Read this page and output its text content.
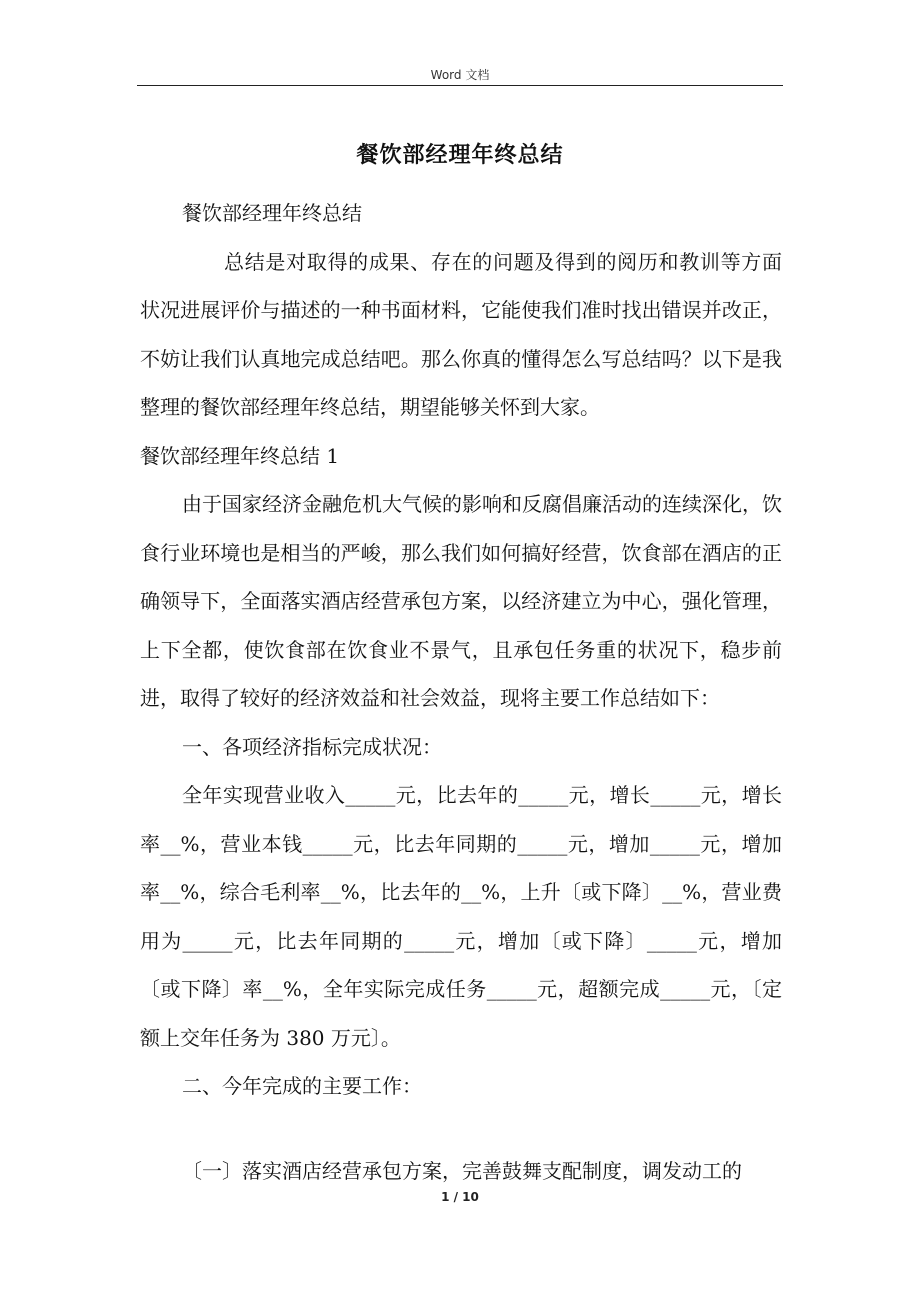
Word 文档
餐饮部经理年终总结

餐饮部经理年终总结

总结是对取得的成果、存在的问题及得到的阅历和教训等方面状况进展评价与描述的一种书面材料，它能使我们准时找出错误并改正，不妨让我们认真地完成总结吧。那么你真的懂得怎么写总结吗？以下是我整理的餐饮部经理年终总结，期望能够关怀到大家。

餐饮部经理年终总结 1

由于国家经济金融危机大气候的影响和反腐倡廉活动的连续深化，饮食行业环境也是相当的严峻，那么我们如何搞好经营，饮食部在酒店的正确领导下，全面落实酒店经营承包方案，以经济建立为中心，强化管理，上下全都，使饮食部在饮食业不景气，且承包任务重的状况下，稳步前进，取得了较好的经济效益和社会效益，现将主要工作总结如下：

一、各项经济指标完成状况：

全年实现营业收入_____元，比去年的_____元，增长_____元，增长率__%，营业本钱_____元，比去年同期的_____元，增加_____元，增加率__%，综合毛利率__%，比去年的__%，上升〔或下降〕__%，营业费用为_____元，比去年同期的_____元，增加〔或下降〕_____元，增加〔或下降〕率__%，全年实际完成任务_____元，超额完成_____元，〔定额上交年任务为 380 万元〕。

二、今年完成的主要工作：

〔一〕落实酒店经营承包方案，完善鼓舞支配制度，调发动工的
1 / 10
